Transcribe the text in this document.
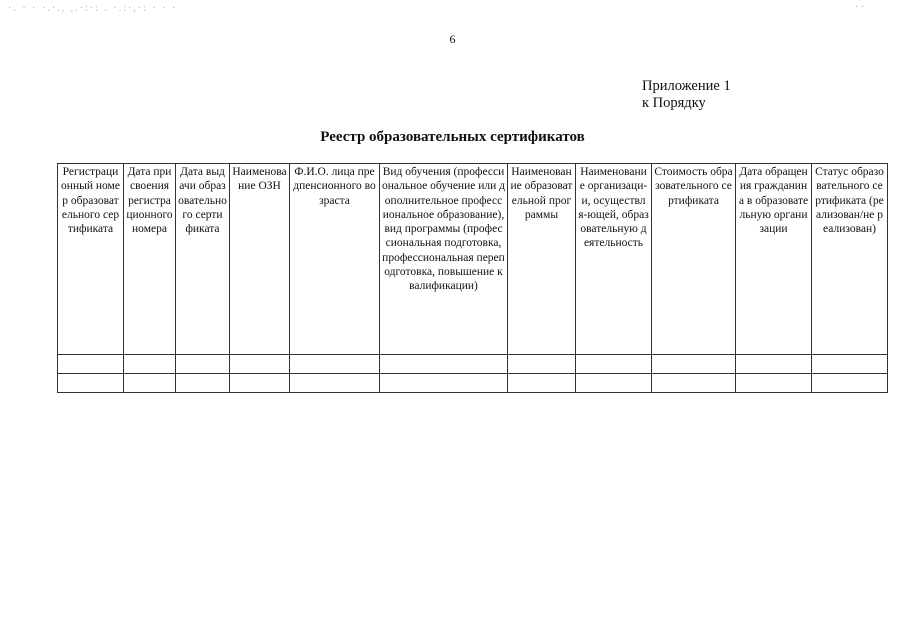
·. · · ·.·., ,.·:·: . ·.:·,·: · · ·	· ·
6
Приложение 1
к Порядку
Реестр образовательных сертификатов
Регистрационный номер образовательного сертификата	Дата присвоения регистрационного номера	Дата выдачи образовательного сертификата	Наименование ОЗН	Ф.И.О. лица предпенсионного возраста	Вид обучения (профессиональное обучение или дополнительное профессиональное образование), вид программы (профессиональная подготовка, профессиональная переподготовка, повышение квалификации)	Наименование образовательной программы	Наименование организации, осуществля-ющей, образовательную деятельность	Стоимость образовательного сертификата	Дата обращения гражданина в образовательную организации	Статус образовательного сертификата (реализован/не реализован)
